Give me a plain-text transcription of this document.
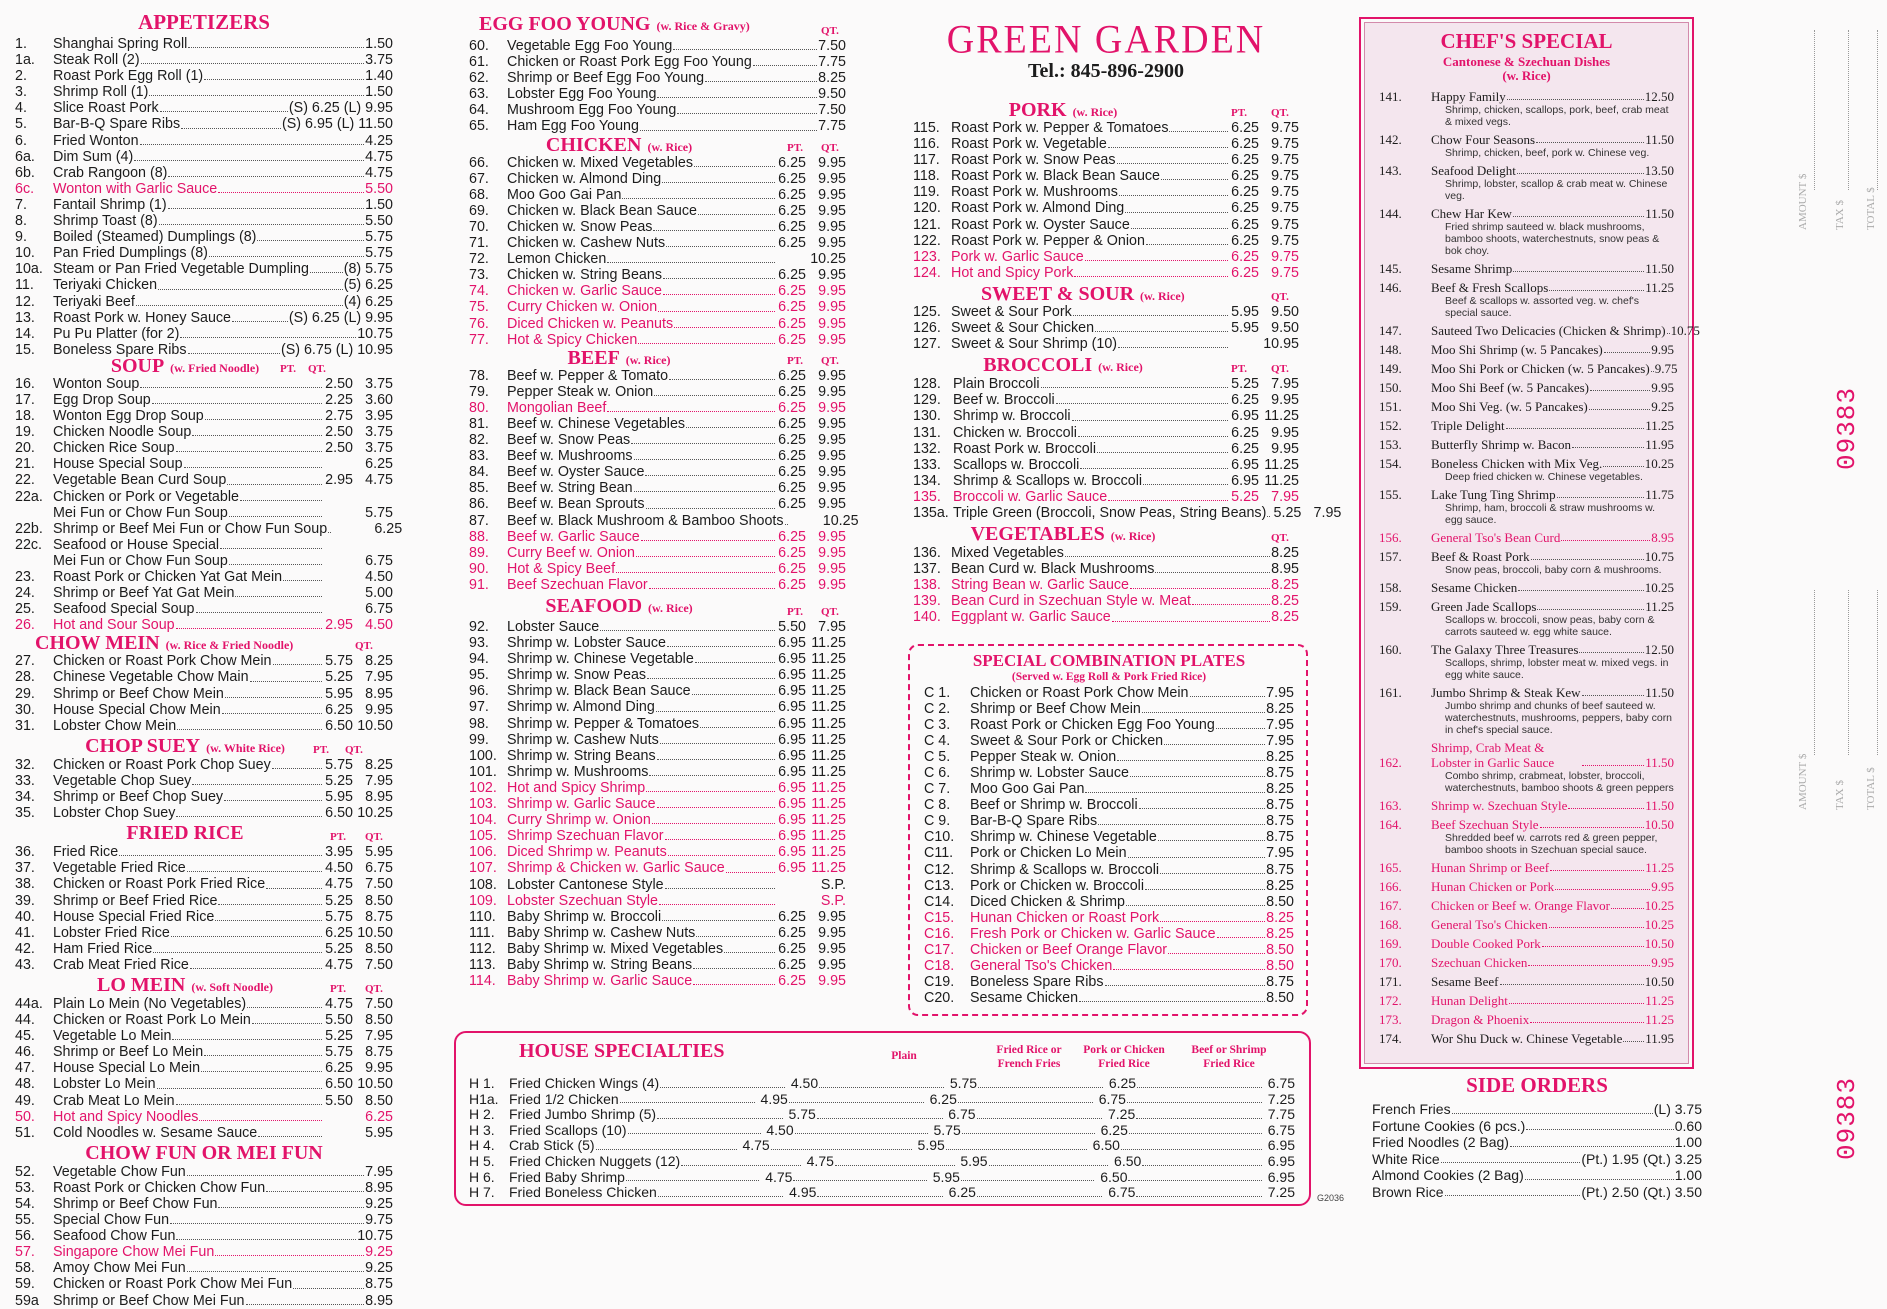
APPETIZERS
1.	Shanghai Spring Roll	1.50
1a.	Steak Roll (2)	3.75
2.	Roast Pork Egg Roll (1)	1.40
3.	Shrimp Roll (1)	1.50
4.	Slice Roast Pork	(S) 6.25 (L) 9.95
5.	Bar-B-Q Spare Ribs	(S) 6.95 (L) 11.50
6.	Fried Wonton	4.25
6a.	Dim Sum (4)	4.75
6b.	Crab Rangoon (8)	4.75
6c.	Wonton with Garlic Sauce	5.50
7.	Fantail Shrimp (1)	1.50
8.	Shrimp Toast (8)	5.50
9.	Boiled (Steamed) Dumplings (8)	5.75
10.	Pan Fried Dumplings (8)	5.75
10a. Steam or Pan Fried Vegetable Dumpling (8) 5.75
11.	Teriyaki Chicken	(5) 6.25
12.	Teriyaki Beef	(4) 6.25
13.	Roast Pork w. Honey Sauce	(S) 6.25 (L) 9.95
14.	Pu Pu Platter (for 2)	10.75
15.	Boneless Spare Ribs	(S) 6.75 (L) 10.95
SOUP (w. Fried Noodle) PT. QT.
16.	Wonton Soup	2.50 3.75
17.	Egg Drop Soup	2.25 3.60
18.	Wonton Egg Drop Soup	2.75 3.95
19.	Chicken Noodle Soup	2.50 3.75
20.	Chicken Rice Soup	2.50 3.75
21.	House Special Soup	6.25
22.	Vegetable Bean Curd Soup	2.95 4.75
22a. Chicken or Pork or Vegetable
Mei Fun or Chow Fun Soup	5.75
22b. Shrimp or Beef Mei Fun or Chow Fun Soup	6.25
22c. Seafood or House Special
Mei Fun or Chow Fun Soup	6.75
23.	Roast Pork or Chicken Yat Gat Mein	4.50
24.	Shrimp or Beef Yat Gat Mein	5.00
25.	Seafood Special Soup	6.75
26.	Hot and Sour Soup	2.95 4.50
CHOW MEIN (w. Rice & Fried Noodle)	QT.
27.	Chicken or Roast Pork Chow Mein	5.75 8.25
28.	Chinese Vegetable Chow Main	5.25 7.95
29.	Shrimp or Beef Chow Mein	5.95 8.95
30.	House Special Chow Mein	6.25 9.95
31.	Lobster Chow Mein	6.50 10.50
CHOP SUEY (w. White Rice)	PT. QT.
32.	Chicken or Roast Pork Chop Suey	5.75 8.25
33.	Vegetable Chop Suey	5.25 7.95
34.	Shrimp or Beef Chop Suey	5.95 8.95
35.	Lobster Chop Suey	6.50 10.25
FRIED RICE	PT. QT.
36.	Fried Rice	3.95 5.95
37.	Vegetable Fried Rice	4.50 6.75
38.	Chicken or Roast Pork Fried Rice	4.75 7.50
39.	Shrimp or Beef Fried Rice	5.25 8.50
40.	House Special Fried Rice	5.75 8.75
41.	Lobster Fried Rice	6.25 10.50
42.	Ham Fried Rice	5.25 8.50
43.	Crab Meat Fried Rice	4.75 7.50
LO MEIN (w. Soft Noodle)	PT. QT.
44a. Plain Lo Mein (No Vegetables)	4.75 7.50
44.	Chicken or Roast Pork Lo Mein	5.50 8.50
45.	Vegetable Lo Mein	5.25 7.95
46.	Shrimp or Beef Lo Mein	5.75 8.75
47.	House Special Lo Mein	6.25 9.95
48.	Lobster Lo Mein	6.50 10.50
49.	Crab Meat Lo Mein	5.50 8.50
50.	Hot and Spicy Noodles	6.25
51.	Cold Noodles w. Sesame Sauce	5.95
CHOW FUN OR MEI FUN
52.	Vegetable Chow Fun	7.95
53.	Roast Pork or Chicken Chow Fun	8.95
54.	Shrimp or Beef Chow Fun	9.25
55.	Special Chow Fun	9.75
56.	Seafood Chow Fun	10.75
57.	Singapore Chow Mei Fun	9.25
58.	Amoy Chow Mei Fun	9.25
59.	Chicken or Roast Pork Chow Mei Fun	8.75
59a Shrimp or Beef Chow Mei Fun	8.95
EGG FOO YOUNG (w. Rice & Gravy)	QT.
60.	Vegetable Egg Foo Young	7.50
61.	Chicken or Roast Pork Egg Foo Young	7.75
62.	Shrimp or Beef Egg Foo Young	8.25
63.	Lobster Egg Foo Young	9.50
64.	Mushroom Egg Foo Young	7.50
65.	Ham Egg Foo Young	7.75
CHICKEN (w. Rice)	PT. QT.
66.	Chicken w. Mixed Vegetables	6.25 9.95
67.	Chicken w. Almond Ding	6.25 9.95
68.	Moo Goo Gai Pan	6.25 9.95
69.	Chicken w. Black Bean Sauce	6.25 9.95
70.	Chicken w. Snow Peas	6.25 9.95
71.	Chicken w. Cashew Nuts	6.25 9.95
72.	Lemon Chicken	10.25
73.	Chicken w. String Beans	6.25 9.95
74.	Chicken w. Garlic Sauce	6.25 9.95
75.	Curry Chicken w. Onion	6.25 9.95
76.	Diced Chicken w. Peanuts	6.25 9.95
77.	Hot & Spicy Chicken	6.25 9.95
BEEF (w. Rice)	PT. QT.
78.	Beef w. Pepper & Tomato	6.25 9.95
79.	Pepper Steak w. Onion	6.25 9.95
80.	Mongolian Beef	6.25 9.95
81.	Beef w. Chinese Vegetables	6.25 9.95
82.	Beef w. Snow Peas	6.25 9.95
83.	Beef w. Mushrooms	6.25 9.95
84.	Beef w. Oyster Sauce	6.25 9.95
85.	Beef w. String Bean	6.25 9.95
86.	Beef w. Bean Sprouts	6.25 9.95
87.	Beef w. Black Mushroom & Bamboo Shoots	10.25
88.	Beef w. Garlic Sauce	6.25 9.95
89.	Curry Beef w. Onion	6.25 9.95
90.	Hot & Spicy Beef	6.25 9.95
91.	Beef Szechuan Flavor	6.25 9.95
SEAFOOD (w. Rice)	PT. QT.
92.	Lobster Sauce	5.50 7.95
93.	Shrimp w. Lobster Sauce	6.95 11.25
94.	Shrimp w. Chinese Vegetable	6.95 11.25
95.	Shrimp w. Snow Peas	6.95 11.25
96.	Shrimp w. Black Bean Sauce	6.95 11.25
97.	Shrimp w. Almond Ding	6.95 11.25
98.	Shrimp w. Pepper & Tomatoes	6.95 11.25
99.	Shrimp w. Cashew Nuts	6.95 11.25
100. Shrimp w. String Beans	6.95 11.25
101. Shrimp w. Mushrooms	6.95 11.25
102. Hot and Spicy Shrimp	6.95 11.25
103. Shrimp w. Garlic Sauce	6.95 11.25
104. Curry Shrimp w. Onion	6.95 11.25
105. Shrimp Szechuan Flavor	6.95 11.25
106. Diced Shrimp w. Peanuts	6.95 11.25
107. Shrimp & Chicken w. Garlic Sauce	6.95 11.25
108. Lobster Cantonese Style	S.P.
109. Lobster Szechuan Style	S.P.
110. Baby Shrimp w. Broccoli	6.25 9.95
111. Baby Shrimp w. Cashew Nuts	6.25 9.95
112. Baby Shrimp w. Mixed Vegetables	6.25 9.95
113. Baby Shrimp w. String Beans	6.25 9.95
114. Baby Shrimp w. Garlic Sauce	6.25 9.95
GREEN GARDEN
Tel.: 845-896-2900
PORK (w. Rice)	PT. QT.
115. Roast Pork w. Pepper & Tomatoes	6.25 9.75
116. Roast Pork w. Vegetable	6.25 9.75
117. Roast Pork w. Snow Peas	6.25 9.75
118. Roast Pork w. Black Bean Sauce	6.25 9.75
119. Roast Pork w. Mushrooms	6.25 9.75
120. Roast Pork w. Almond Ding	6.25 9.75
121. Roast Pork w. Oyster Sauce	6.25 9.75
122. Roast Pork w. Pepper & Onion	6.25 9.75
123. Pork w. Garlic Sauce	6.25 9.75
124. Hot and Spicy Pork	6.25 9.75
SWEET & SOUR (w. Rice)	QT.
125. Sweet & Sour Pork	5.95 9.50
126. Sweet & Sour Chicken	5.95 9.50
127. Sweet & Sour Shrimp (10)	10.95
BROCCOLI (w. Rice)	PT. QT.
128. Plain Broccoli	5.25 7.95
129. Beef w. Broccoli	6.25 9.95
130. Shrimp w. Broccoli	6.95 11.25
131. Chicken w. Broccoli	6.25 9.95
132. Roast Pork w. Broccoli	6.25 9.95
133. Scallops w. Broccoli	6.95 11.25
134. Shrimp & Scallops w. Broccoli	6.95 11.25
135. Broccoli w. Garlic Sauce	5.25 7.95
135a. Triple Green (Broccoli, Snow Peas, String Beans) 5.25 7.95
VEGETABLES (w. Rice)	QT.
136. Mixed Vegetables	8.25
137. Bean Curd w. Black Mushrooms	8.95
138. String Bean w. Garlic Sauce	8.25
139. Bean Curd in Szechuan Style w. Meat	8.25
140. Eggplant w. Garlic Sauce	8.25
SPECIAL COMBINATION PLATES
(Served w. Egg Roll & Pork Fried Rice)
C 1.	Chicken or Roast Pork Chow Mein	7.95
C 2.	Shrimp or Beef Chow Mein	8.25
C 3.	Roast Pork or Chicken Egg Foo Young	7.95
C 4.	Sweet & Sour Pork or Chicken	7.95
C 5.	Pepper Steak w. Onion	8.25
C 6.	Shrimp w. Lobster Sauce	8.75
C 7.	Moo Goo Gai Pan	8.25
C 8.	Beef or Shrimp w. Broccoli	8.75
C 9.	Bar-B-Q Spare Ribs	8.75
C10.	Shrimp w. Chinese Vegetable	8.75
C11.	Pork or Chicken Lo Mein	7.95
C12.	Shrimp & Scallops w. Broccoli	8.75
C13.	Pork or Chicken w. Broccoli	8.25
C14.	Diced Chicken & Shrimp	8.50
C15.	Hunan Chicken or Roast Pork	8.25
C16.	Fresh Pork or Chicken w. Garlic Sauce	8.25
C17.	Chicken or Beef Orange Flavor	8.50
C18.	General Tso's Chicken	8.50
C19.	Boneless Spare Ribs	8.75
C20.	Sesame Chicken	8.50
HOUSE SPECIALTIES	Plain	Fried Rice or French Fries
Pork or Chicken Fried Rice
Beef or Shrimp Fried Rice
H 1.	Fried Chicken Wings (4)	4.50	5.75	6.25	6.75
H1a. Fried 1/2 Chicken	4.95	6.25	6.75	7.25
H 2.	Fried Jumbo Shrimp (5)	5.75	6.75	7.25	7.75
H 3.	Fried Scallops (10)	4.50	5.75	6.25	6.75
H 4.	Crab Stick (5)	4.75	5.95	6.50	6.95
H 5.	Fried Chicken Nuggets (12)	4.75	5.95	6.50	6.95
H 6.	Fried Baby Shrimp	4.75	5.95	6.50	6.95
H 7.	Fried Boneless Chicken	4.95	6.25	6.75	7.25 G2036
CHEF'S SPECIAL
Cantonese & Szechuan Dishes
(w. Rice)
141.	Happy Family	12.50
Shrimp, chicken, scallops, pork, beef, crab meat & mixed vegs.
142.	Chow Four Seasons	11.50
Shrimp, chicken, beef, pork w. Chinese veg.
143.	Seafood Delight	13.50
Shrimp, lobster, scallop & crab meat w. Chinese veg.
144.	Chew Har Kew	11.50
Fried shrimp sauteed w. black mushrooms, bamboo shoots, waterchestnuts, snow peas & bok choy.
145.	Sesame Shrimp	11.50
146.	Beef & Fresh Scallops	11.25
Beef & scallops w. assorted veg. w. chef's special sauce.
147.	Sauteed Two Delicacies (Chicken & Shrimp) 10.75
148.	Moo Shi Shrimp (w. 5 Pancakes)	9.95
149.	Moo Shi Pork or Chicken (w. 5 Pancakes) 9.75
150.	Moo Shi Beef (w. 5 Pancakes)	9.95
151.	Moo Shi Veg. (w. 5 Pancakes)	9.25
152.	Triple Delight	11.25
153.	Butterfly Shrimp w. Bacon	11.95
154.	Boneless Chicken with Mix Veg.	10.25
Deep fried chicken w. Chinese vegetables.
155.	Lake Tung Ting Shrimp	11.75
Shrimp, ham, broccoli & straw mushrooms w. egg sauce.
156.	General Tso's Bean Curd	8.95
157.	Beef & Roast Pork	10.75
Snow peas, broccoli, baby corn & mushrooms.
158.	Sesame Chicken	10.25
159.	Green Jade Scallops	11.25
Scallops w. broccoli, snow peas, baby corn & carrots sauteed w. egg white sauce.
160.	The Galaxy Three Treasures	12.50
Scallops, shrimp, lobster meat w. mixed vegs. in egg white sauce.
161.	Jumbo Shrimp & Steak Kew	11.50
Jumbo shrimp and chunks of beef sauteed w. waterchestnuts, mushrooms, peppers, baby corn in chef's special sauce.
162.
Shrimp, Crab Meat & Lobster in Garlic Sauce	11.50
Combo shrimp, crabmeat, lobster, broccoli, waterchestnuts, bamboo shoots & green peppers
163.	Shrimp w. Szechuan Style	11.50
164.	Beef Szechuan Style	10.50
Shredded beef w. carrots red & green pepper, bamboo shoots in Szechuan special sauce.
165.	Hunan Shrimp or Beef	11.25
166.	Hunan Chicken or Pork	9.95
167.	Chicken or Beef w. Orange Flavor	10.25
168.	General Tso's Chicken	10.25
169.	Double Cooked Pork	10.50
170.	Szechuan Chicken	9.95
171.	Sesame Beef	10.50
172.	Hunan Delight	11.25
173.	Dragon & Phoenix	11.25
174.	Wor Shu Duck w. Chinese Vegetable 11.95
SIDE ORDERS
French Fries	(L) 3.75
Fortune Cookies (6 pcs.)	0.60
Fried Noodles (2 Bag)	1.00
White Rice	(Pt.) 1.95 (Qt.) 3.25
Almond Cookies (2 Bag)	1.00
Brown Rice	(Pt.) 2.50 (Qt.) 3.50
AMOUNT $ TAX $ TOTAL $
AMOUNT $ TAX $ TOTAL $
09383
09383
